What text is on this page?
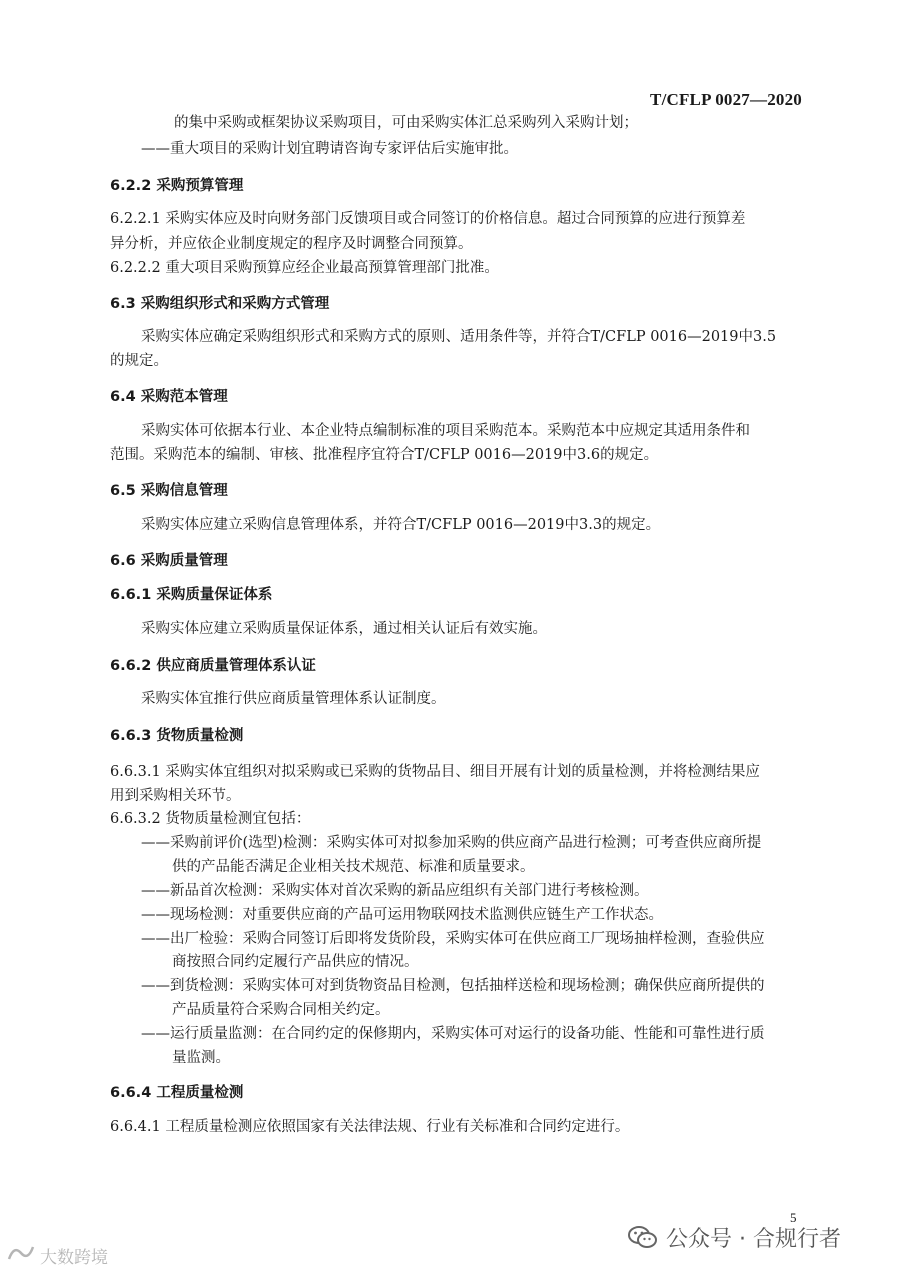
T/CFLP 0027—2020
的集中采购或框架协议采购项目，可由采购实体汇总采购列入采购计划；
——重大项目的采购计划宜聘请咨询专家评估后实施审批。
6.2.2 采购预算管理
6.2.2.1 采购实体应及时向财务部门反馈项目或合同签订的价格信息。超过合同预算的应进行预算差
异分析，并应依企业制度规定的程序及时调整合同预算。
6.2.2.2 重大项目采购预算应经企业最高预算管理部门批准。
6.3 采购组织形式和采购方式管理
采购实体应确定采购组织形式和采购方式的原则、适用条件等，并符合T/CFLP 0016—2019中3.5
的规定。
6.4 采购范本管理
采购实体可依据本行业、本企业特点编制标准的项目采购范本。采购范本中应规定其适用条件和
范围。采购范本的编制、审核、批准程序宜符合T/CFLP 0016—2019中3.6的规定。
6.5 采购信息管理
采购实体应建立采购信息管理体系，并符合T/CFLP 0016—2019中3.3的规定。
6.6 采购质量管理
6.6.1 采购质量保证体系
采购实体应建立采购质量保证体系，通过相关认证后有效实施。
6.6.2 供应商质量管理体系认证
采购实体宜推行供应商质量管理体系认证制度。
6.6.3 货物质量检测
6.6.3.1 采购实体宜组织对拟采购或已采购的货物品目、细目开展有计划的质量检测，并将检测结果应
用到采购相关环节。
6.6.3.2 货物质量检测宜包括：
——采购前评价(选型)检测：采购实体可对拟参加采购的供应商产品进行检测；可考查供应商所提
供的产品能否满足企业相关技术规范、标准和质量要求。
——新品首次检测：采购实体对首次采购的新品应组织有关部门进行考核检测。
——现场检测：对重要供应商的产品可运用物联网技术监测供应链生产工作状态。
——出厂检验：采购合同签订后即将发货阶段，采购实体可在供应商工厂现场抽样检测，查验供应
商按照合同约定履行产品供应的情况。
——到货检测：采购实体可对到货物资品目检测，包括抽样送检和现场检测；确保供应商所提供的
产品质量符合采购合同相关约定。
——运行质量监测：在合同约定的保修期内，采购实体可对运行的设备功能、性能和可靠性进行质
量监测。
6.6.4 工程质量检测
6.6.4.1 工程质量检测应依照国家有关法律法规、行业有关标准和合同约定进行。
5
公众号 · 合规行者
大数跨境
